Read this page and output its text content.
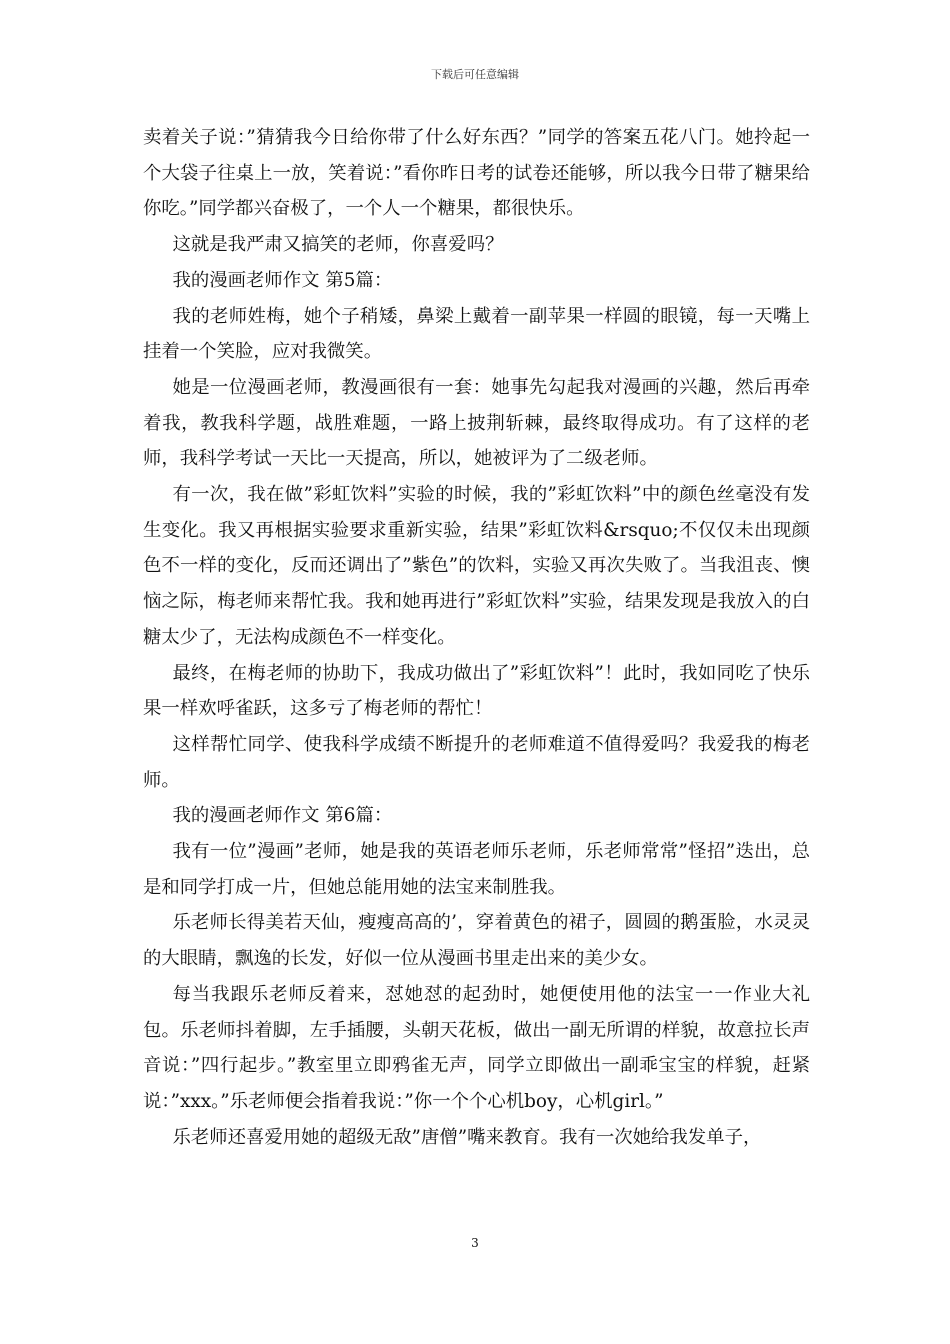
下载后可任意编辑

卖着关子说：”猜猜我今日给你带了什么好东西？”同学的答案五花八门。她拎起一个大袋子往桌上一放，笑着说：”看你昨日考的试卷还能够，所以我今日带了糖果给你吃。”同学都兴奋极了，一个人一个糖果，都很快乐。

这就是我严肃又搞笑的老师，你喜爱吗？

我的漫画老师作文 第5篇：

我的老师姓梅，她个子稍矮，鼻梁上戴着一副苹果一样圆的眼镜，每一天嘴上挂着一个笑脸，应对我微笑。

她是一位漫画老师，教漫画很有一套：她事先勾起我对漫画的兴趣，然后再牵着我，教我科学题，战胜难题，一路上披荆斩棘，最终取得成功。有了这样的老师，我科学考试一天比一天提高，所以，她被评为了二级老师。

有一次，我在做”彩虹饮料”实验的时候，我的”彩虹饮料”中的颜色丝毫没有发生变化。我又再根据实验要求重新实验，结果”彩虹饮料&rsquo;不仅仅未出现颜色不一样的变化，反而还调出了”紫色”的饮料，实验又再次失败了。当我沮丧、懊恼之际，梅老师来帮忙我。我和她再进行”彩虹饮料”实验，结果发现是我放入的白糖太少了，无法构成颜色不一样变化。

最终，在梅老师的协助下，我成功做出了”彩虹饮料”！此时，我如同吃了快乐果一样欢呼雀跃，这多亏了梅老师的帮忙！

这样帮忙同学、使我科学成绩不断提升的老师难道不值得爱吗？我爱我的梅老师。

我的漫画老师作文 第6篇：

我有一位”漫画”老师，她是我的英语老师乐老师，乐老师常常”怪招”迭出，总是和同学打成一片，但她总能用她的法宝来制胜我。

乐老师长得美若天仙，瘦瘦高高的’，穿着黄色的裙子，圆圆的鹅蛋脸，水灵灵的大眼睛，飘逸的长发，好似一位从漫画书里走出来的美少女。

每当我跟乐老师反着来，怼她怼的起劲时，她便使用他的法宝一一作业大礼包。乐老师抖着脚，左手插腰，头朝天花板，做出一副无所谓的样貌，故意拉长声音说：”四行起步。”教室里立即鸦雀无声，同学立即做出一副乖宝宝的样貌，赶紧说：”xxx。”乐老师便会指着我说：”你一个个心机boy，心机girl。”

乐老师还喜爱用她的超级无敌”唐僧”嘴来教育。我有一次她给我发单子，

3
